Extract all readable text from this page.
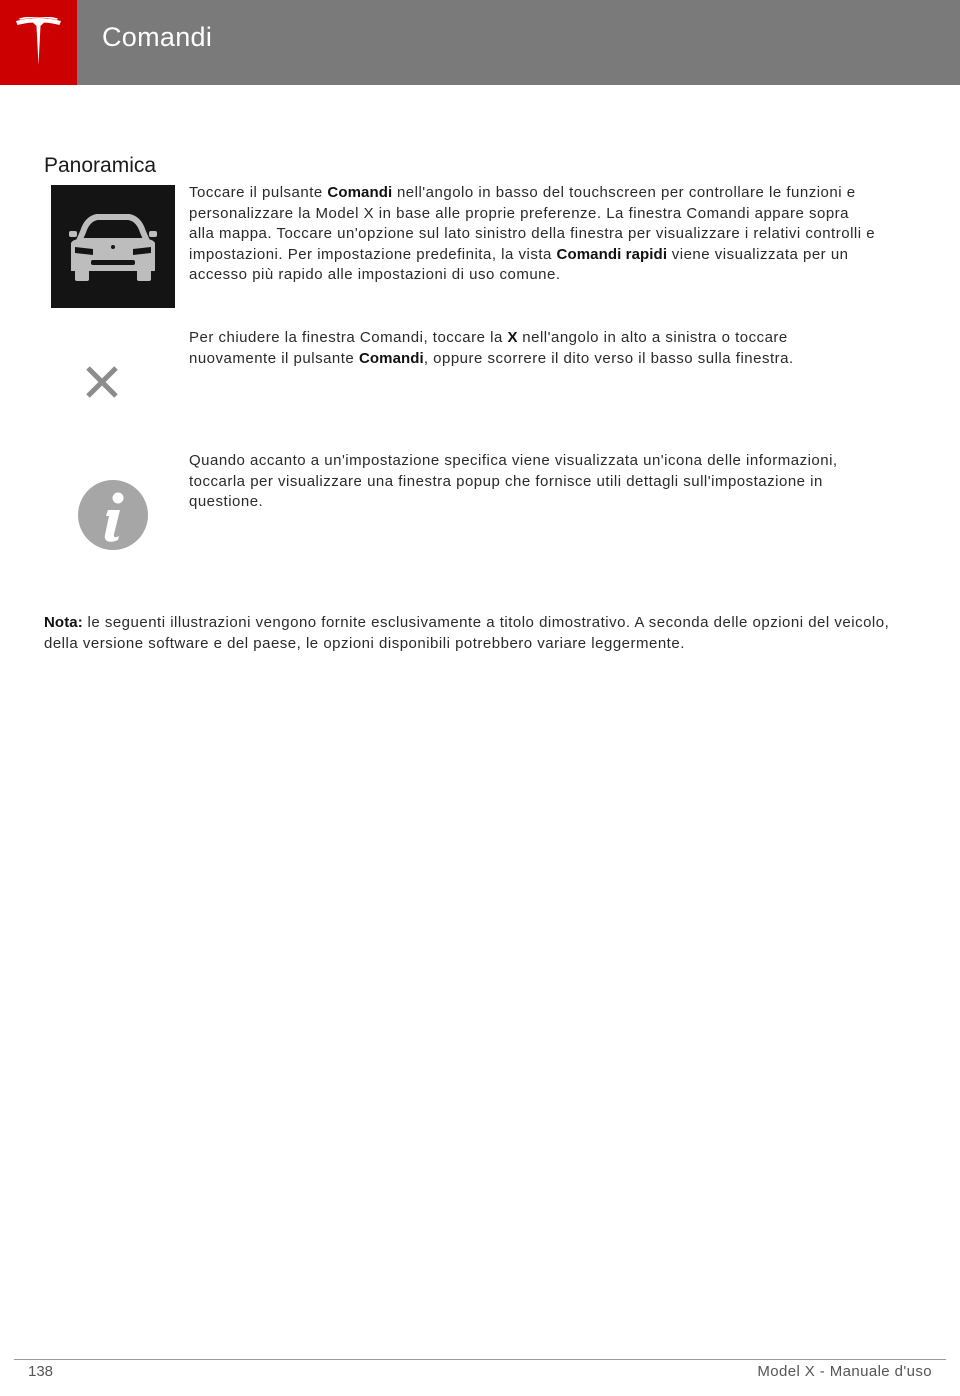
Comandi
Panoramica

Toccare il pulsante Comandi nell'angolo in basso del touchscreen per controllare le funzioni e personalizzare la Model X in base alle proprie preferenze. La finestra Comandi appare sopra alla mappa. Toccare un'opzione sul lato sinistro della finestra per visualizzare i relativi controlli e impostazioni. Per impostazione predefinita, la vista Comandi rapidi viene visualizzata per un accesso più rapido alle impostazioni di uso comune.

Per chiudere la finestra Comandi, toccare la X nell'angolo in alto a sinistra o toccare nuovamente il pulsante Comandi, oppure scorrere il dito verso il basso sulla finestra.

Quando accanto a un'impostazione specifica viene visualizzata un'icona delle informazioni, toccarla per visualizzare una finestra popup che fornisce utili dettagli sull'impostazione in questione.

Nota: le seguenti illustrazioni vengono fornite esclusivamente a titolo dimostrativo. A seconda delle opzioni del veicolo, della versione software e del paese, le opzioni disponibili potrebbero variare leggermente.

138	Model X - Manuale d'uso
